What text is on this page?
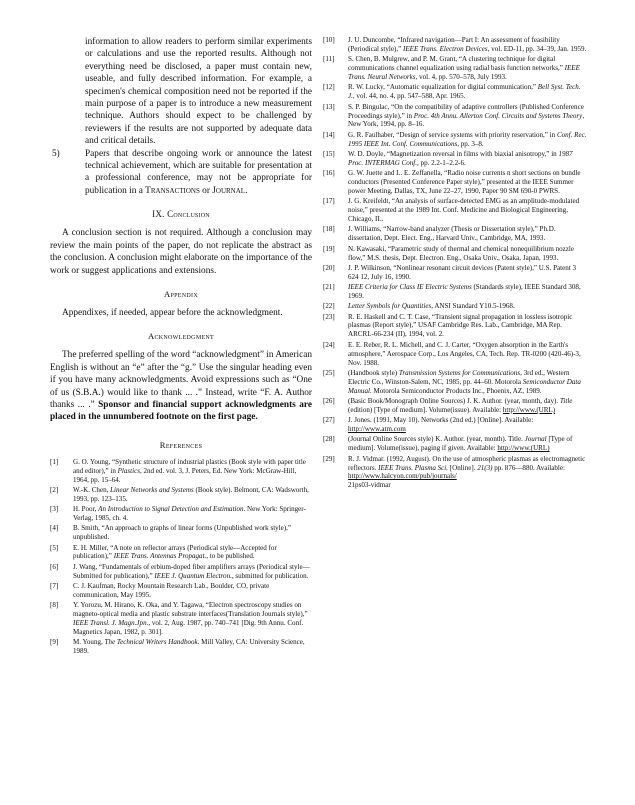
information to allow readers to perform similar experiments or calculations and use the reported results. Although not everything need be disclosed, a paper must contain new, useable, and fully described information. For example, a specimen's chemical composition need not be reported if the main purpose of a paper is to introduce a new measurement technique. Authors should expect to be challenged by reviewers if the results are not supported by adequate data and critical details.

5)	Papers that describe ongoing work or announce the latest technical achievement, which are suitable for presentation at a professional conference, may not be appropriate for publication in a Transactions or Journal.

IX. Conclusion

A conclusion section is not required. Although a conclusion may review the main points of the paper, do not replicate the abstract as the conclusion. A conclusion might elaborate on the importance of the work or suggest applications and extensions.

Appendix

Appendixes, if needed, appear before the acknowledgment.

Acknowledgment

The preferred spelling of the word “acknowledgment” in American English is without an “e” after the “g.” Use the singular heading even if you have many acknowledgments. Avoid expressions such as “One of us (S.B.A.) would like to thank ... .” Instead, write “F. A. Author thanks ... .” Sponsor and financial support acknowledgments are placed in the unnumbered footnote on the first page.

References
[1]	G. O. Young, “Synthetic structure of industrial plastics (Book style with paper title and editor),” in Plastics, 2nd ed. vol. 3, J. Peters, Ed. New York: McGraw-Hill, 1964, pp. 15–64.
[2]	W.-K. Chen, Linear Networks and Systems (Book style). Belmont, CA: Wadsworth, 1993, pp. 123–135.
[3]	H. Poor, An Introduction to Signal Detection and Estimation. New York: Springer-Verlag, 1985, ch. 4.
[4]	B. Smith, “An approach to graphs of linear forms (Unpublished work style),” unpublished.
[5]	E. H. Miller, “A note on reflector arrays (Periodical style—Accepted for publication),” IEEE Trans. Antennas Propagat., to be published.
[6]	J. Wang, “Fundamentals of erbium-doped fiber amplifiers arrays (Periodical style—Submitted for publication),” IEEE J. Quantum Electron., submitted for publication.
[7]	C. J. Kaufman, Rocky Mountain Research Lab., Boulder, CO, private communication, May 1995.
[8]	Y. Yorozu, M. Hirano, K. Oka, and Y. Tagawa, “Electron spectroscopy studies on magneto-optical media and plastic substrate interfaces(Translation Journals style),” IEEE Transl. J. Magn.Jpn., vol. 2, Aug. 1987, pp. 740–741 [Dig. 9th Annu. Conf. Magnetics Japan, 1982, p. 301].
[9]	M. Young, The Technical Writers Handbook. Mill Valley, CA: University Science, 1989.
[10]	J. U. Duncombe, “Infrared navigation—Part I: An assessment of feasibility (Periodical style),” IEEE Trans. Electron Devices, vol. ED-11, pp. 34–39, Jan. 1959.
[11]	S. Chen, B. Mulgrew, and P. M. Grant, “A clustering technique for digital communications channel equalization using radial basis function networks,” IEEE Trans. Neural Networks, vol. 4, pp. 570–578, July 1993.
[12]	R. W. Lucky, “Automatic equalization for digital communication,” Bell Syst. Tech. J., vol. 44, no. 4, pp. 547–588, Apr. 1965.
[13]	S. P. Bingulac, “On the compatibility of adaptive controllers (Published Conference Proceedings style),” in Proc. 4th Annu. Allerton Conf. Circuits and Systems Theory, New York, 1994, pp. 8–16.
[14]	G. R. Faulhaber, “Design of service systems with priority reservation,” in Conf. Rec. 1995 IEEE Int. Conf. Communications, pp. 3–8.
[15]	W. D. Doyle, “Magnetization reversal in films with biaxial anisotropy,” in 1987 Proc. INTERMAG Conf., pp. 2.2-1–2.2-6.
[16]	G. W. Juette and L. E. Zeffanella, “Radio noise currents n short sections on bundle conductors (Presented Conference Paper style),” presented at the IEEE Summer power Meeting, Dallas, TX, June 22–27, 1990, Paper 90 SM 690-0 PWRS.
[17]	J. G. Kreifeldt, “An analysis of surface-detected EMG as an amplitude-modulated noise,” presented at the 1989 Int. Conf. Medicine and Biological Engineering, Chicago, IL.
[18]	J. Williams, “Narrow-band analyzer (Thesis or Dissertation style),” Ph.D. dissertation, Dept. Elect. Eng., Harvard Univ., Cambridge, MA, 1993.
[19]	N. Kawasaki, “Parametric study of thermal and chemical nonequilibrium nozzle flow,” M.S. thesis, Dept. Electron. Eng., Osaka Univ., Osaka, Japan, 1993.
[20]	J. P. Wilkinson, “Nonlinear resonant circuit devices (Patent style),” U.S. Patent 3 624 12, July 16, 1990.
[21]	IEEE Criteria for Class IE Electric Systems (Standards style), IEEE Standard 308, 1969.
[22]	Letter Symbols for Quantities, ANSI Standard Y10.5-1968.
[23]	R. E. Haskell and C. T. Case, “Transient signal propagation in lossless isotropic plasmas (Report style),” USAF Cambridge Res. Lab., Cambridge, MA Rep. ARCRL-66-234 (II), 1994, vol. 2.
[24]	E. E. Reber, R. L. Michell, and C. J. Carter, “Oxygen absorption in the Earth's atmosphere,” Aerospace Corp., Los Angeles, CA, Tech. Rep. TR-0200 (420-46)-3, Nov. 1988.
[25]	(Handbook style) Transmission Systems for Communications, 3rd ed., Western Electric Co., Winston-Salem, NC, 1985, pp. 44–60. Motorola Semiconductor Data Manual. Motorola Semiconductor Products Inc., Phoenix, AZ, 1989.
[26]	(Basic Book/Monograph Online Sources) J. K. Author. (year, month, day). Title (edition) [Type of medium]. Volume(issue). Available: http://www.(URL)
[27]	J. Jones. (1991, May 10). Networks (2nd ed.) [Online]. Available: http://www.atm.com
[28]	(Journal Online Sources style) K. Author. (year, month). Title. Journal [Type of medium]. Volume(issue), paging if given. Available: http://www.(URL)
[29]	R. J. Vidmar. (1992, August). On the use of atmospheric plasmas as electromagnetic reflectors. IEEE Trans. Plasma Sci. [Online]. 21(3) pp. 876—880. Available: http://www.halcyon.com/pub/journals/
21ps03-vidmar
